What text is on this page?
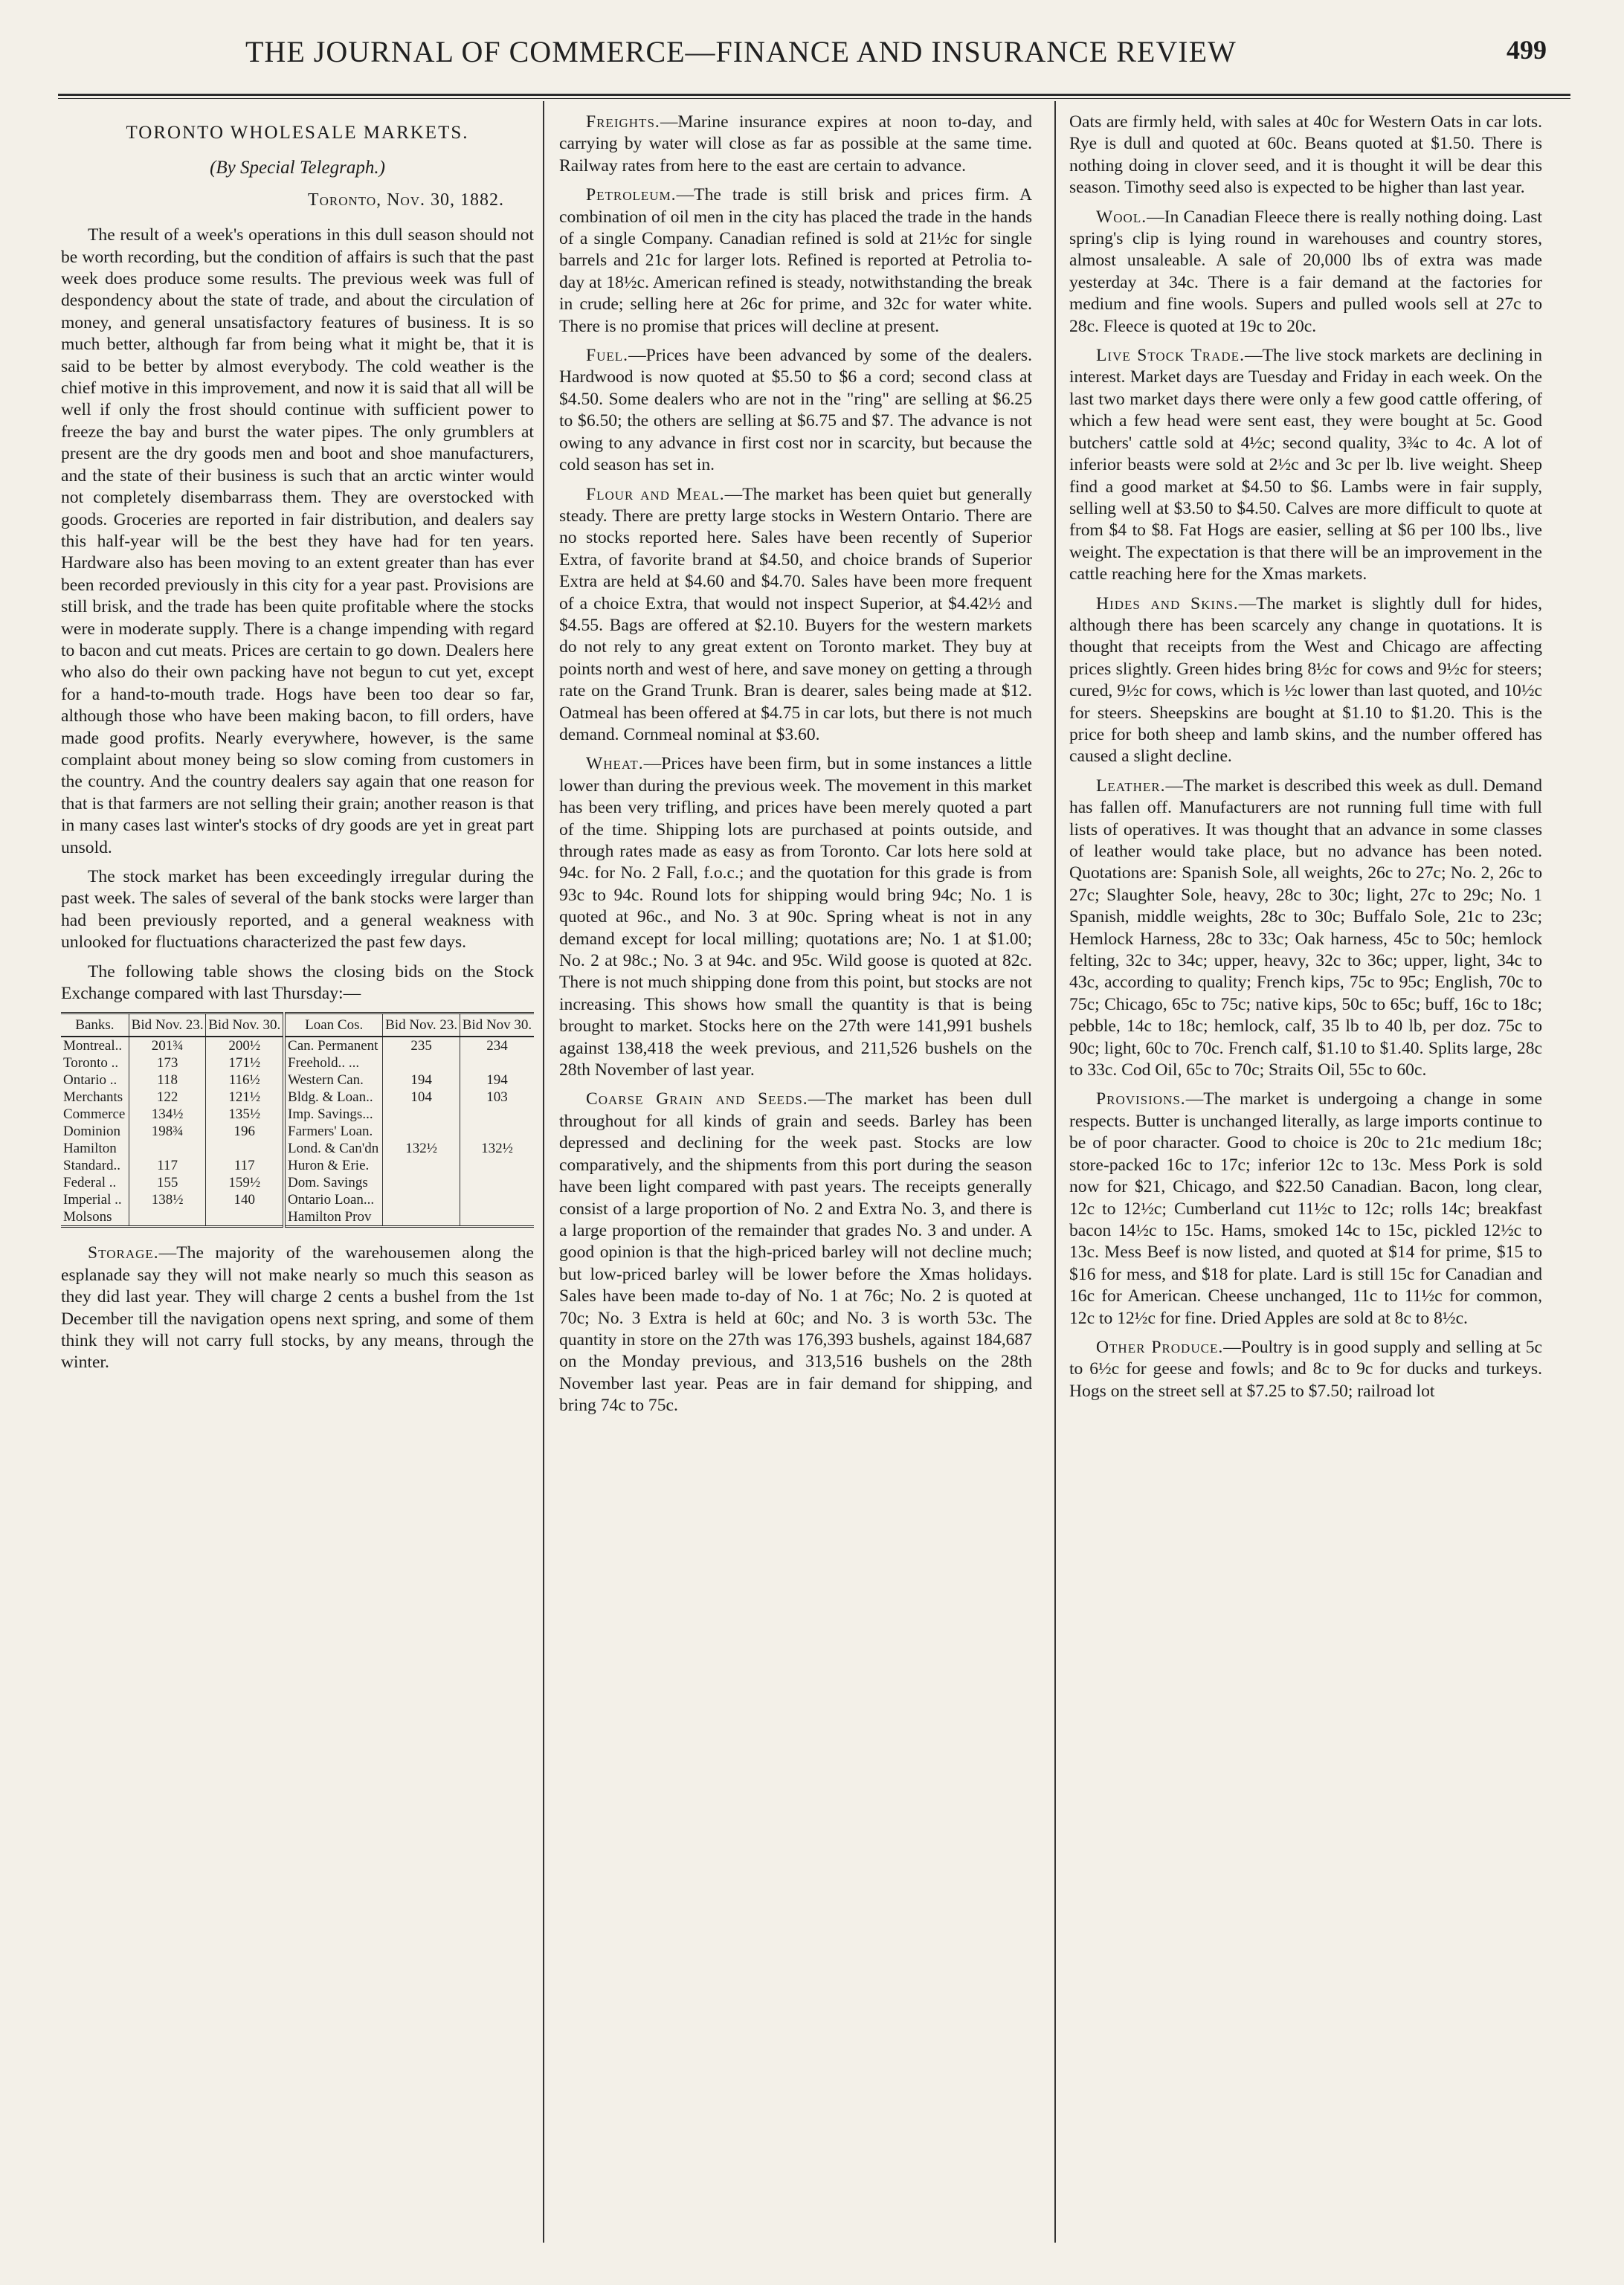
THE JOURNAL OF COMMERCE—FINANCE AND INSURANCE REVIEW	499

TORONTO WHOLESALE MARKETS.

(By Special Telegraph.)

Toronto, Nov. 30, 1882.

The result of a week's operations in this dull season should not be worth recording, but the condition of affairs is such that the past week does produce some results. The previous week was full of despondency about the state of trade, and about the circulation of money, and general unsatisfactory features of business. It is so much better, although far from being what it might be, that it is said to be better by almost everybody. The cold weather is the chief motive in this improvement, and now it is said that all will be well if only the frost should continue with sufficient power to freeze the bay and burst the water pipes. The only grumblers at present are the dry goods men and boot and shoe manufacturers, and the state of their business is such that an arctic winter would not completely disembarrass them. They are overstocked with goods. Groceries are reported in fair distribution, and dealers say this half-year will be the best they have had for ten years. Hardware also has been moving to an extent greater than has ever been recorded previously in this city for a year past. Provisions are still brisk, and the trade has been quite profitable where the stocks were in moderate supply. There is a change impending with regard to bacon and cut meats. Prices are certain to go down. Dealers here who also do their own packing have not begun to cut yet, except for a hand-to-mouth trade. Hogs have been too dear so far, although those who have been making bacon, to fill orders, have made good profits. Nearly everywhere, however, is the same complaint about money being so slow coming from customers in the country. And the country dealers say again that one reason for that is that farmers are not selling their grain; another reason is that in many cases last winter's stocks of dry goods are yet in great part unsold.

The stock market has been exceedingly irregular during the past week. The sales of several of the bank stocks were larger than had been previously reported, and a general weakness with unlooked for fluctuations characterized the past few days.

The following table shows the closing bids on the Stock Exchange compared with last Thursday:—

Banks.	Bid Nov. 23.	Bid Nov. 30.	Loan Cos.	Bid Nov. 23.	Bid Nov 30.
Montreal..	201¾	200½	Can. Permanent	235	234
Toronto ..	173	171½	Freehold.. ...		
Ontario ..	118	116½	Western Can.	194	194
Merchants	122	121½	Bldg. & Loan..	104	103
Commerce	134½	135½	Imp. Savings...		
Dominion	198¾	196	Farmers' Loan.		
Hamilton			Lond. & Can'dn	132½	132½
Standard..	117	117	Huron & Erie.		
Federal ..	155	159½	Dom. Savings		
Imperial ..	138½	140	Ontario Loan...		
Molsons			Hamilton Prov		

Storage.—The majority of the warehousemen along the esplanade say they will not make nearly so much this season as they did last year. They will charge 2 cents a bushel from the 1st December till the navigation opens next spring, and some of them think they will not carry full stocks, by any means, through the winter.

Freights.—Marine insurance expires at noon to-day, and carrying by water will close as far as possible at the same time. Railway rates from here to the east are certain to advance.

Petroleum.—The trade is still brisk and prices firm. A combination of oil men in the city has placed the trade in the hands of a single Company. Canadian refined is sold at 21½c for single barrels and 21c for larger lots. Refined is reported at Petrolia to-day at 18½c. American refined is steady, notwithstanding the break in crude; selling here at 26c for prime, and 32c for water white. There is no promise that prices will decline at present.

Fuel.—Prices have been advanced by some of the dealers. Hardwood is now quoted at $5.50 to $6 a cord; second class at $4.50. Some dealers who are not in the "ring" are selling at $6.25 to $6.50; the others are selling at $6.75 and $7. The advance is not owing to any advance in first cost nor in scarcity, but because the cold season has set in.

Flour and Meal.—The market has been quiet but generally steady. There are pretty large stocks in Western Ontario. There are no stocks reported here. Sales have been recently of Superior Extra, of favorite brand at $4.50, and choice brands of Superior Extra are held at $4.60 and $4.70. Sales have been more frequent of a choice Extra, that would not inspect Superior, at $4.42½ and $4.55. Bags are offered at $2.10. Buyers for the western markets do not rely to any great extent on Toronto market. They buy at points north and west of here, and save money on getting a through rate on the Grand Trunk. Bran is dearer, sales being made at $12. Oatmeal has been offered at $4.75 in car lots, but there is not much demand. Cornmeal nominal at $3.60.

Wheat.—Prices have been firm, but in some instances a little lower than during the previous week. The movement in this market has been very trifling, and prices have been merely quoted a part of the time. Shipping lots are purchased at points outside, and through rates made as easy as from Toronto. Car lots here sold at 94c. for No. 2 Fall, f.o.c.; and the quotation for this grade is from 93c to 94c. Round lots for shipping would bring 94c; No. 1 is quoted at 96c., and No. 3 at 90c. Spring wheat is not in any demand except for local milling; quotations are; No. 1 at $1.00; No. 2 at 98c.; No. 3 at 94c. and 95c. Wild goose is quoted at 82c. There is not much shipping done from this point, but stocks are not increasing. This shows how small the quantity is that is being brought to market. Stocks here on the 27th were 141,991 bushels against 138,418 the week previous, and 211,526 bushels on the 28th November of last year.

Coarse Grain and Seeds.—The market has been dull throughout for all kinds of grain and seeds. Barley has been depressed and declining for the week past. Stocks are low comparatively, and the shipments from this port during the season have been light compared with past years. The receipts generally consist of a large proportion of No. 2 and Extra No. 3, and there is a large proportion of the remainder that grades No. 3 and under. A good opinion is that the high-priced barley will not decline much; but low-priced barley will be lower before the Xmas holidays. Sales have been made to-day of No. 1 at 76c; No. 2 is quoted at 70c; No. 3 Extra is held at 60c; and No. 3 is worth 53c. The quantity in store on the 27th was 176,393 bushels, against 184,687 on the Monday previous, and 313,516 bushels on the 28th November last year. Peas are in fair demand for shipping, and bring 74c to 75c.

Oats are firmly held, with sales at 40c for Western Oats in car lots. Rye is dull and quoted at 60c. Beans quoted at $1.50. There is nothing doing in clover seed, and it is thought it will be dear this season. Timothy seed also is expected to be higher than last year.

Wool.—In Canadian Fleece there is really nothing doing. Last spring's clip is lying round in warehouses and country stores, almost unsaleable. A sale of 20,000 lbs of extra was made yesterday at 34c. There is a fair demand at the factories for medium and fine wools. Supers and pulled wools sell at 27c to 28c. Fleece is quoted at 19c to 20c.

Live Stock Trade.—The live stock markets are declining in interest. Market days are Tuesday and Friday in each week. On the last two market days there were only a few good cattle offering, of which a few head were sent east, they were bought at 5c. Good butchers' cattle sold at 4½c; second quality, 3¾c to 4c. A lot of inferior beasts were sold at 2½c and 3c per lb. live weight. Sheep find a good market at $4.50 to $6. Lambs were in fair supply, selling well at $3.50 to $4.50. Calves are more difficult to quote at from $4 to $8. Fat Hogs are easier, selling at $6 per 100 lbs., live weight. The expectation is that there will be an improvement in the cattle reaching here for the Xmas markets.

Hides and Skins.—The market is slightly dull for hides, although there has been scarcely any change in quotations. It is thought that receipts from the West and Chicago are affecting prices slightly. Green hides bring 8½c for cows and 9½c for steers; cured, 9½c for cows, which is ½c lower than last quoted, and 10½c for steers. Sheepskins are bought at $1.10 to $1.20. This is the price for both sheep and lamb skins, and the number offered has caused a slight decline.

Leather.—The market is described this week as dull. Demand has fallen off. Manufacturers are not running full time with full lists of operatives. It was thought that an advance in some classes of leather would take place, but no advance has been noted. Quotations are: Spanish Sole, all weights, 26c to 27c; No. 2, 26c to 27c; Slaughter Sole, heavy, 28c to 30c; light, 27c to 29c; No. 1 Spanish, middle weights, 28c to 30c; Buffalo Sole, 21c to 23c; Hemlock Harness, 28c to 33c; Oak harness, 45c to 50c; hemlock felting, 32c to 34c; upper, heavy, 32c to 36c; upper, light, 34c to 43c, according to quality; French kips, 75c to 95c; English, 70c to 75c; Chicago, 65c to 75c; native kips, 50c to 65c; buff, 16c to 18c; pebble, 14c to 18c; hemlock, calf, 35 lb to 40 lb, per doz. 75c to 90c; light, 60c to 70c. French calf, $1.10 to $1.40. Splits large, 28c to 33c. Cod Oil, 65c to 70c; Straits Oil, 55c to 60c.

Provisions.—The market is undergoing a change in some respects. Butter is unchanged literally, as large imports continue to be of poor character. Good to choice is 20c to 21c medium 18c; store-packed 16c to 17c; inferior 12c to 13c. Mess Pork is sold now for $21, Chicago, and $22.50 Canadian. Bacon, long clear, 12c to 12½c; Cumberland cut 11½c to 12c; rolls 14c; breakfast bacon 14½c to 15c. Hams, smoked 14c to 15c, pickled 12½c to 13c. Mess Beef is now listed, and quoted at $14 for prime, $15 to $16 for mess, and $18 for plate. Lard is still 15c for Canadian and 16c for American. Cheese unchanged, 11c to 11½c for common, 12c to 12½c for fine. Dried Apples are sold at 8c to 8½c.

Other Produce.—Poultry is in good supply and selling at 5c to 6½c for geese and fowls; and 8c to 9c for ducks and turkeys. Hogs on the street sell at $7.25 to $7.50; railroad lot
